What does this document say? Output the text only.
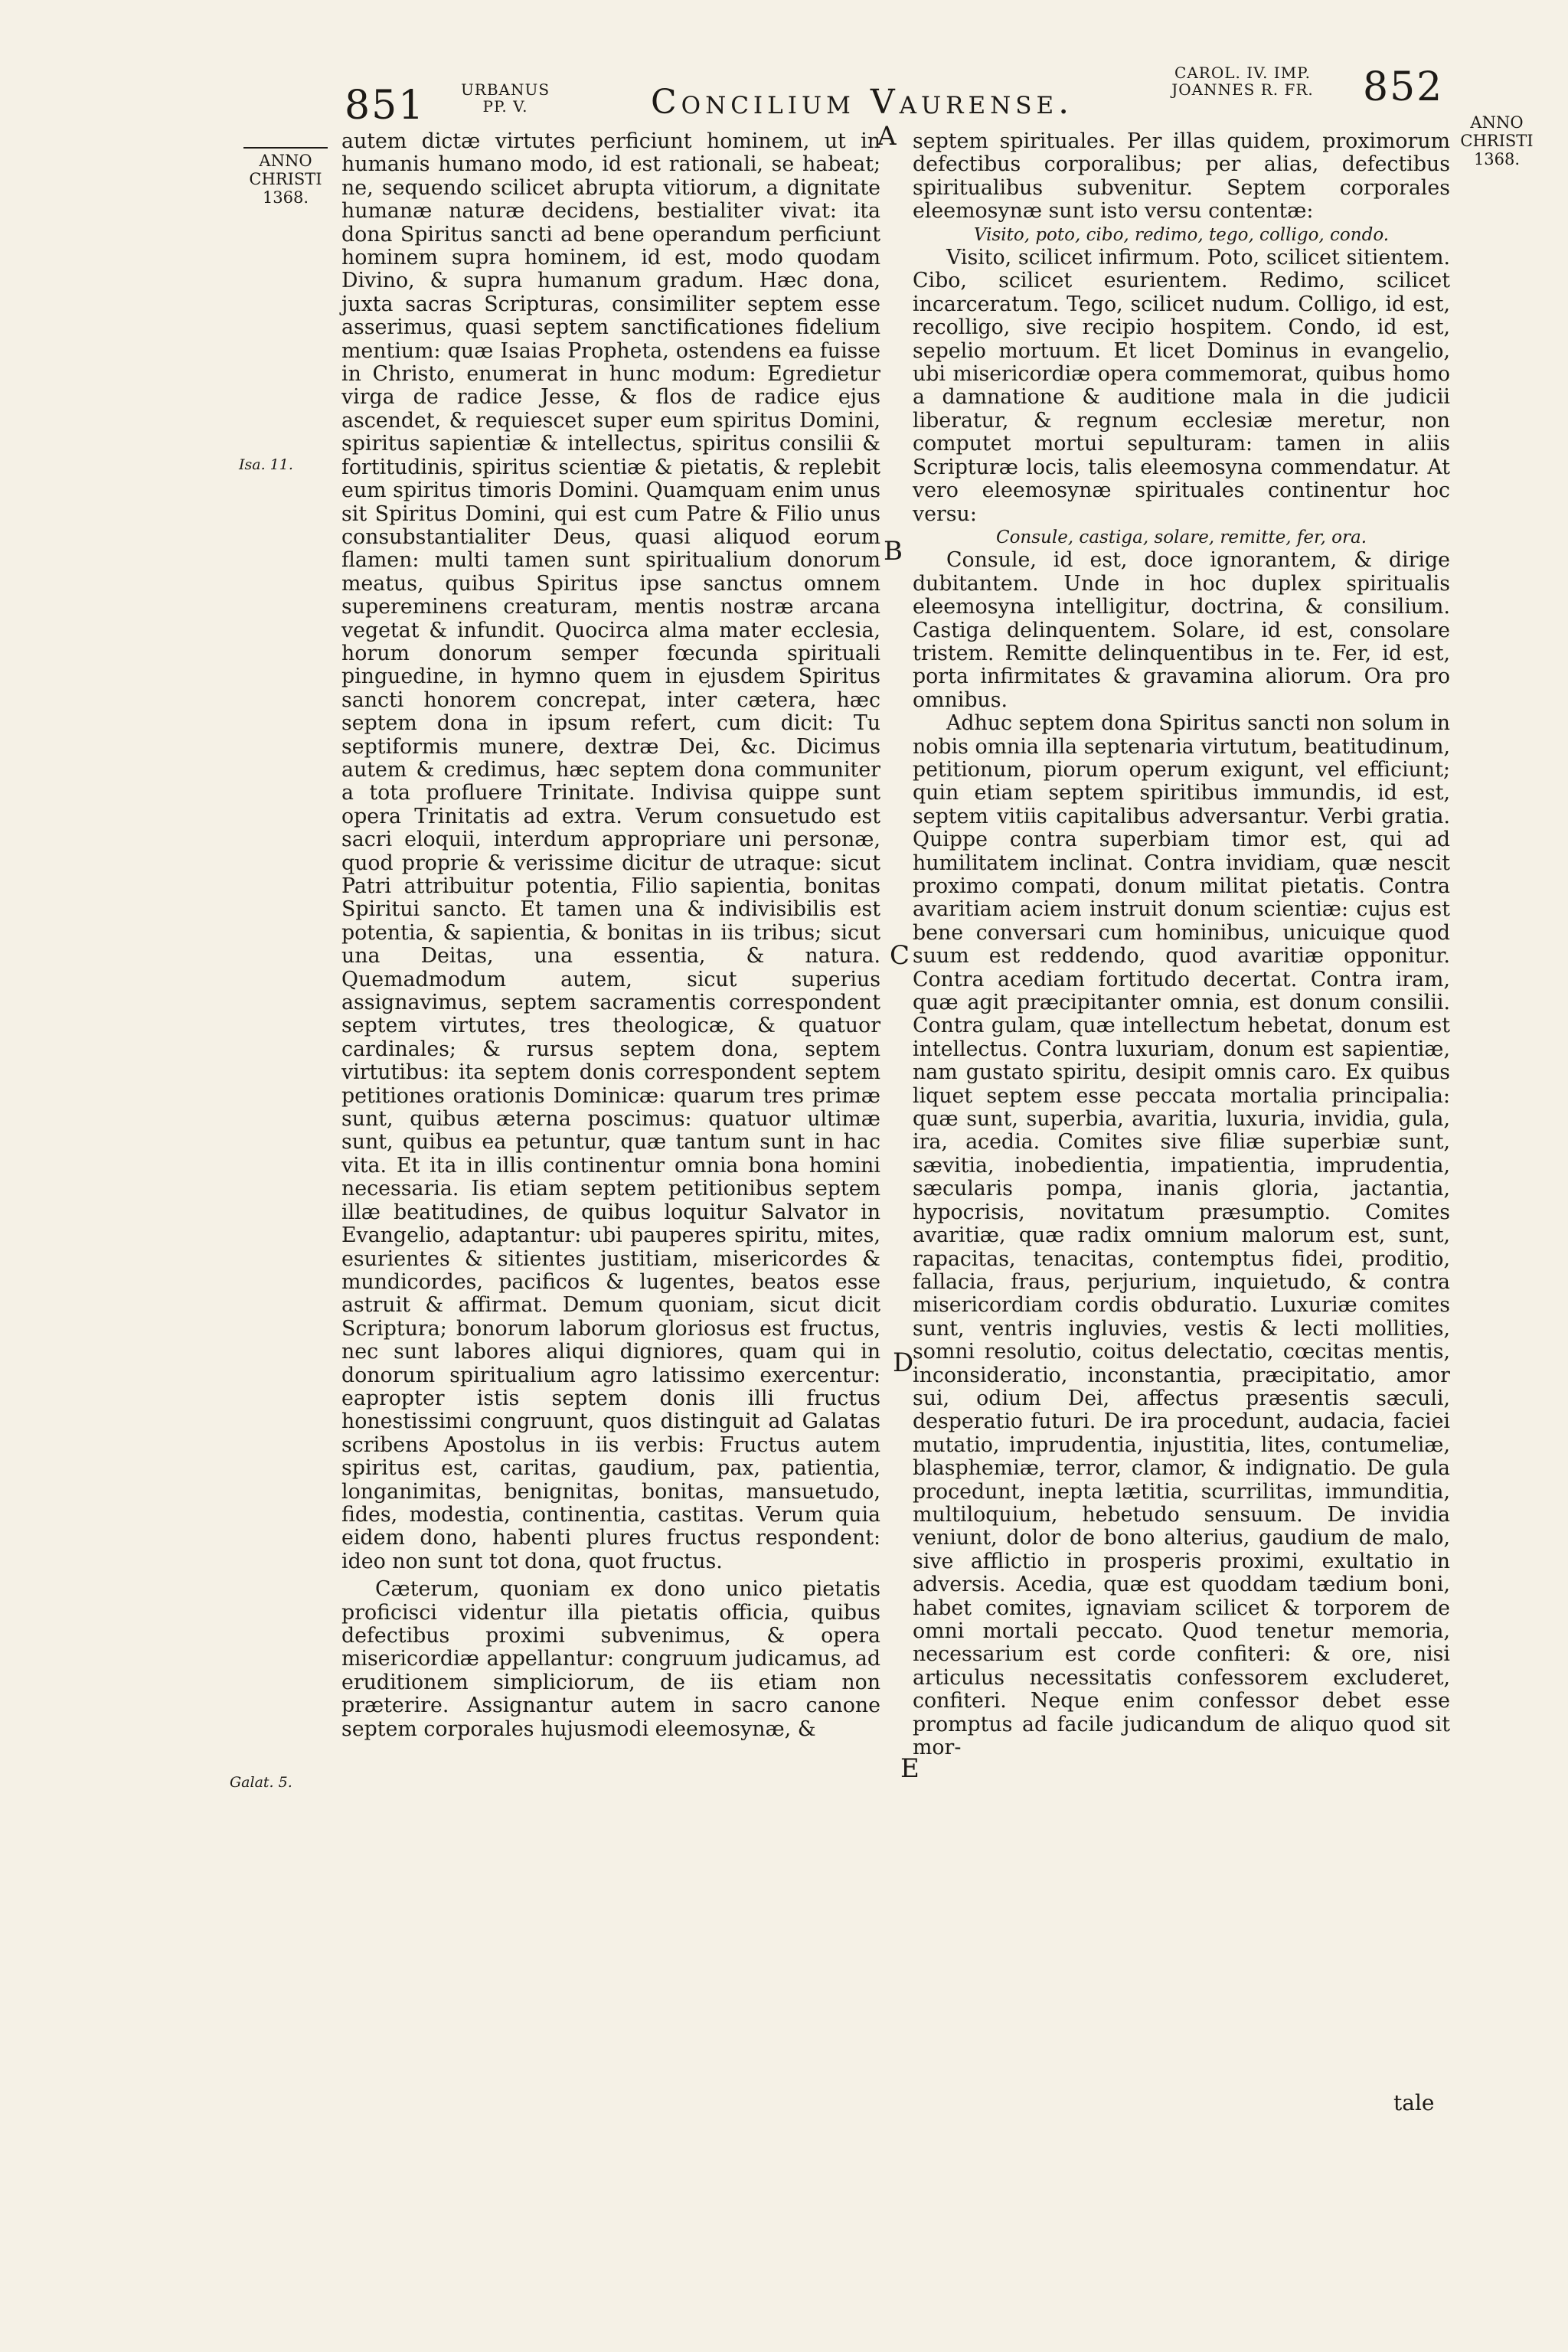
851 URBANUS
PP. V.	Concilium Vaurense.
CAROL. IV. IMP.
JOANNES R. FR.	852
ANNO
CHRISTI
1368.
ANNO
CHRISTI
1368.
Isa. 11.
Galat. 5.
A
B
C
D
E

autem dictæ virtutes perficiunt hominem, ut in humanis humano modo, id est rationali, se habeat; ne, sequendo scilicet abrupta vitiorum, a dignitate humanæ naturæ decidens, bestialiter vivat: ita dona Spiritus sancti ad bene operandum perficiunt hominem supra hominem, id est, modo quodam Divino, & supra humanum gradum. Hæc dona, juxta sacras Scripturas, consimiliter septem esse asserimus, quasi septem sanctificationes fidelium mentium: quæ Isaias Propheta, ostendens ea fuisse in Christo, enumerat in hunc modum: Egredietur virga de radice Jesse, & flos de radice ejus ascendet, & requiescet super eum spiritus Domini, spiritus sapientiæ & intellectus, spiritus consilii & fortitudinis, spiritus scientiæ & pietatis, & replebit eum spiritus timoris Domini. Quamquam enim unus sit Spiritus Domini, qui est cum Patre & Filio unus consubstantialiter Deus, quasi aliquod eorum flamen: multi tamen sunt spiritualium donorum meatus, quibus Spiritus ipse sanctus omnem supereminens creaturam, mentis nostræ arcana vegetat & infundit. Quocirca alma mater ecclesia, horum donorum semper fœcunda spirituali pinguedine, in hymno quem in ejusdem Spiritus sancti honorem concrepat, inter cætera, hæc septem dona in ipsum refert, cum dicit: Tu septiformis munere, dextræ Dei, &c. Dicimus autem & credimus, hæc septem dona communiter a tota profluere Trinitate. Indivisa quippe sunt opera Trinitatis ad extra. Verum consuetudo est sacri eloquii, interdum appropriare uni personæ, quod proprie & verissime dicitur de utraque: sicut Patri attribuitur potentia, Filio sapientia, bonitas Spiritui sancto. Et tamen una & indivisibilis est potentia, & sapientia, & bonitas in iis tribus; sicut una Deitas, una essentia, & natura. Quemadmodum autem, sicut superius assignavimus, septem sacramentis correspondent septem virtutes, tres theologicæ, & quatuor cardinales; & rursus septem dona, septem virtutibus: ita septem donis correspondent septem petitiones orationis Dominicæ: quarum tres primæ sunt, quibus æterna poscimus: quatuor ultimæ sunt, quibus ea petuntur, quæ tantum sunt in hac vita. Et ita in illis continentur omnia bona homini necessaria. Iis etiam septem petitionibus septem illæ beatitudines, de quibus loquitur Salvator in Evangelio, adaptantur: ubi pauperes spiritu, mites, esurientes & sitientes justitiam, misericordes & mundicordes, pacificos & lugentes, beatos esse astruit & affirmat. Demum quoniam, sicut dicit Scriptura; bonorum laborum gloriosus est fructus, nec sunt labores aliqui digniores, quam qui in donorum spiritualium agro latissimo exercentur: eapropter istis septem donis illi fructus honestissimi congruunt, quos distinguit ad Galatas scribens Apostolus in iis verbis: Fructus autem spiritus est, caritas, gaudium, pax, patientia, longanimitas, benignitas, bonitas, mansuetudo, fides, modestia, continentia, castitas. Verum quia eidem dono, habenti plures fructus respondent: ideo non sunt tot dona, quot fructus.

Cæterum, quoniam ex dono unico pietatis proficisci videntur illa pietatis officia, quibus defectibus proximi subvenimus, & opera misericordiæ appellantur: congruum judicamus, ad eruditionem simpliciorum, de iis etiam non præterire. Assignantur autem in sacro canone septem corporales hujusmodi eleemosynæ, &

septem spirituales. Per illas quidem, proximorum defectibus corporalibus; per alias, defectibus spiritualibus subvenitur. Septem corporales eleemosynæ sunt isto versu contentæ:

Visito, poto, cibo, redimo, tego, colligo, condo.

Visito, scilicet infirmum. Poto, scilicet sitientem. Cibo, scilicet esurientem. Redimo, scilicet incarceratum. Tego, scilicet nudum. Colligo, id est, recolligo, sive recipio hospitem. Condo, id est, sepelio mortuum. Et licet Dominus in evangelio, ubi misericordiæ opera commemorat, quibus homo a damnatione & auditione mala in die judicii liberatur, & regnum ecclesiæ meretur, non computet mortui sepulturam: tamen in aliis Scripturæ locis, talis eleemosyna commendatur. At vero eleemosynæ spirituales continentur hoc versu:

Consule, castiga, solare, remitte, fer, ora.

Consule, id est, doce ignorantem, & dirige dubitantem. Unde in hoc duplex spiritualis eleemosyna intelligitur, doctrina, & consilium. Castiga delinquentem. Solare, id est, consolare tristem. Remitte delinquentibus in te. Fer, id est, porta infirmitates & gravamina aliorum. Ora pro omnibus.

Adhuc septem dona Spiritus sancti non solum in nobis omnia illa septenaria virtutum, beatitudinum, petitionum, piorum operum exigunt, vel efficiunt; quin etiam septem spiritibus immundis, id est, septem vitiis capitalibus adversantur. Verbi gratia. Quippe contra superbiam timor est, qui ad humilitatem inclinat. Contra invidiam, quæ nescit proximo compati, donum militat pietatis. Contra avaritiam aciem instruit donum scientiæ: cujus est bene conversari cum hominibus, unicuique quod suum est reddendo, quod avaritiæ opponitur. Contra acediam fortitudo decertat. Contra iram, quæ agit præcipitanter omnia, est donum consilii. Contra gulam, quæ intellectum hebetat, donum est intellectus. Contra luxuriam, donum est sapientiæ, nam gustato spiritu, desipit omnis caro. Ex quibus liquet septem esse peccata mortalia principalia: quæ sunt, superbia, avaritia, luxuria, invidia, gula, ira, acedia. Comites sive filiæ superbiæ sunt, sævitia, inobedientia, impatientia, imprudentia, sæcularis pompa, inanis gloria, jactantia, hypocrisis, novitatum præsumptio. Comites avaritiæ, quæ radix omnium malorum est, sunt, rapacitas, tenacitas, contemptus fidei, proditio, fallacia, fraus, perjurium, inquietudo, & contra misericordiam cordis obduratio. Luxuriæ comites sunt, ventris ingluvies, vestis & lecti mollities, somni resolutio, coitus delectatio, cœcitas mentis, inconsideratio, inconstantia, præcipitatio, amor sui, odium Dei, affectus præsentis sæculi, desperatio futuri. De ira procedunt, audacia, faciei mutatio, imprudentia, injustitia, lites, contumeliæ, blasphemiæ, terror, clamor, & indignatio. De gula procedunt, inepta lætitia, scurrilitas, immunditia, multiloquium, hebetudo sensuum. De invidia veniunt, dolor de bono alterius, gaudium de malo, sive afflictio in prosperis proximi, exultatio in adversis. Acedia, quæ est quoddam tædium boni, habet comites, ignaviam scilicet & torporem de omni mortali peccato. Quod tenetur memoria, necessarium est corde confiteri: & ore, nisi articulus necessitatis confessorem excluderet, confiteri. Neque enim confessor debet esse promptus ad facile judicandum de aliquo quod sit mor-

tale
